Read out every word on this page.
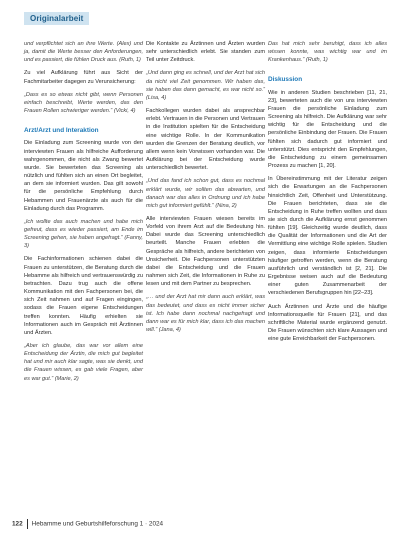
Originalarbeit

und verpflichtet sich an ihre Werte. (Alex) und ja, damit die Werte besser den Anforderungen, und es passiert, die fühlen Druck aus. (Ruth, 1)

Zu viel Aufklärung führt aus Sicht der Fachmitarbeiter dagegen zu Verunsicherung:

„Dass es so etwas nicht gibt, wenn Personen einfach beschreibt, Werte werden, das den Frauen Rollen schwieriger werden.“ (Vicki, 4)

Arzt/Arzt und Interaktion

Die Einladung zum Screening wurde von den interviewten Frauen als hilfreiche Aufforderung wahrgenommen, die nicht als Zwang bewertet wurde. Sie bewerteten das Screening als nützlich und fühlten sich an einen Ort begleitet, an dem sie informiert wurden. Das gilt sowohl für die persönliche Empfehlung durch Hebammen und Frauenärzte als auch für die Einladung durch das Programm.

„Ich wollte das auch machen und habe mich gefreut, dass es wieder passiert, am Ende im Screening gehen, sie haben angefragt.“ (Fanny, 3)

Die Fachinformationen schienen dabei die Frauen zu unterstützen, die Beratung durch die Hebamme als hilfreich und vertrauenswürdig zu betrachten. Dazu trug auch die offene Kommunikation mit den Fachpersonen bei, die sich Zeit nahmen und auf Fragen eingingen, sodass die Frauen eigene Entscheidungen treffen konnten. Häufig erhielten sie Informationen auch im Gespräch mit Ärztinnen und Ärzten.

„Aber ich glaube, das war vor allem eine Entscheidung der Ärztin, die mich gut begleitet hat und mir auch klar sagte, was sie denkt, und die Frauen wissen, es gab viele Fragen, aber es war gut.“ (Marie, 2)

Die Kontakte zu Ärztinnen und Ärzten wurden sehr unterschiedlich erlebt. Sie standen zum Teil unter Zeitdruck.

„Und dann ging es schnell, und der Arzt hat sich da nicht viel Zeit genommen. Wir haben das, sie haben das dann gemacht, es war nicht so.“ (Lisa, 4)

Fachkollegen wurden dabei als ansprechbar erlebt. Vertrauen in die Personen und Vertrauen in die Institution spielten für die Entscheidung eine wichtige Rolle. In der Kommunikation wurden die Grenzen der Beratung deutlich, vor allem wenn kein Vorwissen vorhanden war. Die Aufklärung bei der Entscheidung wurde unterschiedlich bewertet.

„Und das fand ich schon gut, dass es nochmal erklärt wurde, wir sollten das abwarten, und danach war das alles in Ordnung und ich habe mich gut informiert gefühlt.“ (Nina, 2)

Alle interviewten Frauen wiesen bereits im Vorfeld von ihrem Arzt auf die Bedeutung hin. Dabei wurde das Screening unterschiedlich beurteilt. Manche Frauen erlebten die Gespräche als hilfreich, andere berichteten von Unsicherheit. Die Fachpersonen unterstützten dabei die Entscheidung und die Frauen nahmen sich Zeit, die Informationen in Ruhe zu lesen und mit dem Partner zu besprechen.

„… und der Arzt hat mir dann auch erklärt, was das bedeutet, und dass es nicht immer sicher ist. Ich habe dann nochmal nachgefragt und dann war es für mich klar, dass ich das machen will.“ (Jana, 4)

Das hat mich sehr beruhigt, dass ich alles wissen konnte, was wichtig war und im Krankenhaus.“ (Ruth, 1)

Diskussion

Wie in anderen Studien beschrieben [11, 21, 23], bewerteten auch die von uns interviewten Frauen die persönliche Einladung zum Screening als hilfreich. Die Aufklärung war sehr wichtig für die Entscheidung und die persönliche Einbindung der Frauen. Die Frauen fühlten sich dadurch gut informiert und unterstützt. Dies entspricht den Empfehlungen, die Entscheidung zu einem gemeinsamen Prozess zu machen [1, 20].

In Übereinstimmung mit der Literatur zeigen sich die Erwartungen an die Fachpersonen hinsichtlich Zeit, Offenheit und Unterstützung. Die Frauen berichteten, dass sie die Entscheidung in Ruhe treffen wollten und dass sie sich durch die Aufklärung ernst genommen fühlten [19]. Gleichzeitig wurde deutlich, dass die Qualität der Informationen und die Art der Vermittlung eine wichtige Rolle spielen. Studien zeigen, dass informierte Entscheidungen häufiger getroffen werden, wenn die Beratung ausführlich und verständlich ist [2, 21]. Die Ergebnisse weisen auch auf die Bedeutung einer guten Zusammenarbeit der verschiedenen Berufsgruppen hin [22–23].

Auch Ärztinnen und Ärzte und die häufige Informationsquelle für Frauen [21], und das schriftliche Material wurde ergänzend genutzt. Die Frauen wünschten sich klare Aussagen und eine gute Erreichbarkeit der Fachpersonen.

122 Hebamme und Geburtshilfeforschung 1 · 2024
